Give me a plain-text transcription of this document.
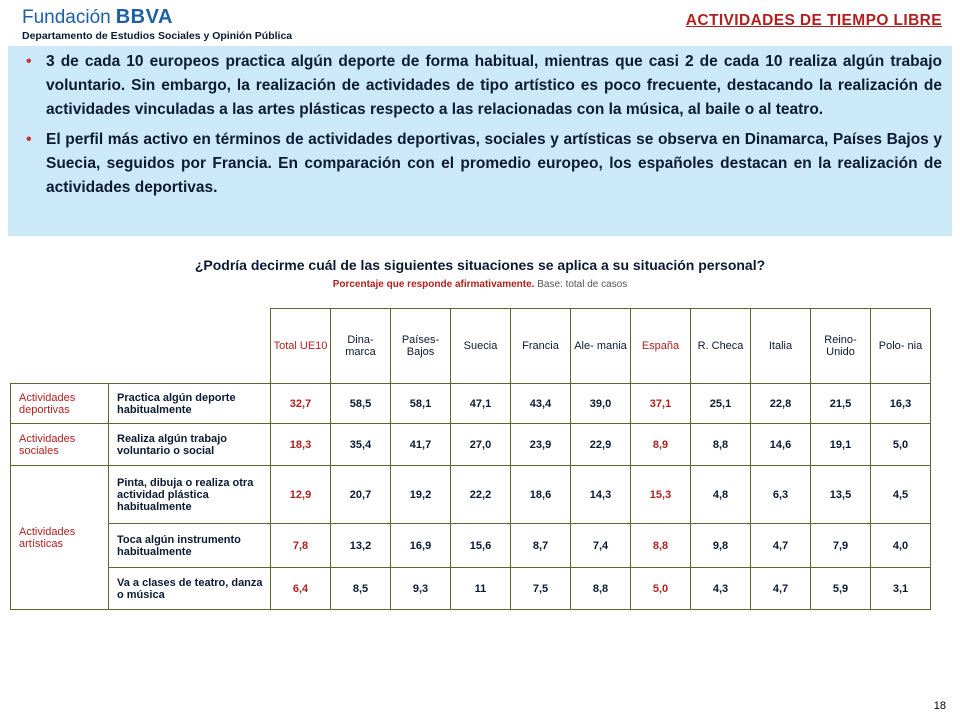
Fundación BBVA
Departamento de Estudios Sociales y Opinión Pública
ACTIVIDADES DE TIEMPO LIBRE
• 3 de cada 10 europeos practica algún deporte de forma habitual, mientras que casi 2 de cada 10 realiza algún trabajo voluntario. Sin embargo, la realización de actividades de tipo artístico es poco frecuente, destacando la realización de actividades vinculadas a las artes plásticas respecto a las relacionadas con la música, al baile o al teatro.
• El perfil más activo en términos de actividades deportivas, sociales y artísticas se observa en Dinamarca, Países Bajos y Suecia, seguidos por Francia. En comparación con el promedio europeo, los españoles destacan en la realización de actividades deportivas.
¿Podría decirme cuál de las siguientes situaciones se aplica a su situación personal?
Porcentaje que responde afirmativamente. Base: total de casos
		Total UE10	Dina- marca	Países- Bajos	Suecia	Francia	Ale- mania	España	R. Checa	Italia	Reino- Unido	Polo- nia
Actividades deportivas	Practica algún deporte habitualmente	32,7	58,5	58,1	47,1	43,4	39,0	37,1	25,1	22,8	21,5	16,3
Actividades sociales	Realiza algún trabajo voluntario o social	18,3	35,4	41,7	27,0	23,9	22,9	8,9	8,8	14,6	19,1	5,0
Actividades artísticas	Pinta, dibuja o realiza otra actividad plástica habitualmente	12,9	20,7	19,2	22,2	18,6	14,3	15,3	4,8	6,3	13,5	4,5
	Toca algún instrumento habitualmente	7,8	13,2	16,9	15,6	8,7	7,4	8,8	9,8	4,7	7,9	4,0
	Va a clases de teatro, danza o música	6,4	8,5	9,3	11	7,5	8,8	5,0	4,3	4,7	5,9	3,1
18
